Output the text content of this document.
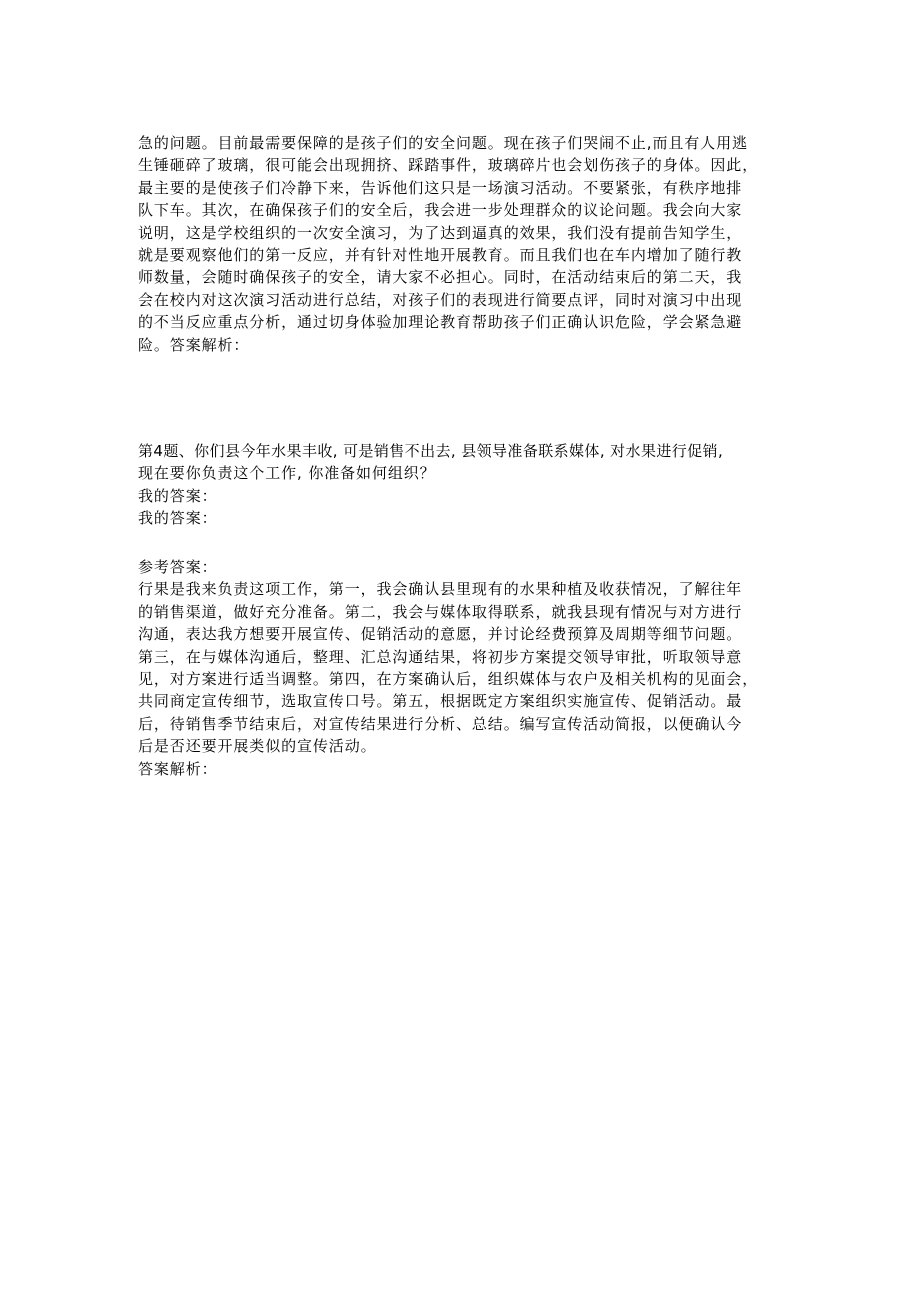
急的问题。目前最需要保障的是孩子们的安全问题。现在孩子们哭闹不止,而且有人用逃
生锤砸碎了玻璃，很可能会出现拥挤、踩踏事件，玻璃碎片也会划伤孩子的身体。因此，
最主要的是使孩子们冷静下来，告诉他们这只是一场演习活动。不要紧张，有秩序地排
队下车。其次，在确保孩子们的安全后，我会进一步处理群众的议论问题。我会向大家
说明，这是学校组织的一次安全演习，为了达到逼真的效果，我们没有提前告知学生，
就是要观察他们的第一反应，并有针对性地开展教育。而且我们也在车内增加了随行教
师数量，会随时确保孩子的安全，请大家不必担心。同时，在活动结束后的第二天，我
会在校内对这次演习活动进行总结，对孩子们的表现进行简要点评，同时对演习中出现
的不当反应重点分析，通过切身体验加理论教育帮助孩子们正确认识危险，学会紧急避
险。答案解析：
第4题、你们县今年水果丰收, 可是销售不出去, 县领导准备联系媒体, 对水果进行促销,
现在要你负责这个工作, 你准备如何组织？
我的答案：
我的答案：
参考答案：
行果是我来负责这项工作，第一，我会确认县里现有的水果种植及收获情况，了解往年
的销售渠道，做好充分准备。第二，我会与媒体取得联系，就我县现有情况与对方进行
沟通，表达我方想要开展宣传、促销活动的意愿，并讨论经费预算及周期等细节问题。
第三，在与媒体沟通后，整理、汇总沟通结果，将初步方案提交领导审批，听取领导意
见，对方案进行适当调整。第四，在方案确认后，组织媒体与农户及相关机构的见面会，
共同商定宣传细节，选取宣传口号。第五，根据既定方案组织实施宣传、促销活动。最
后，待销售季节结束后，对宣传结果进行分析、总结。编写宣传活动简报，以便确认今
后是否还要开展类似的宣传活动。
答案解析：
